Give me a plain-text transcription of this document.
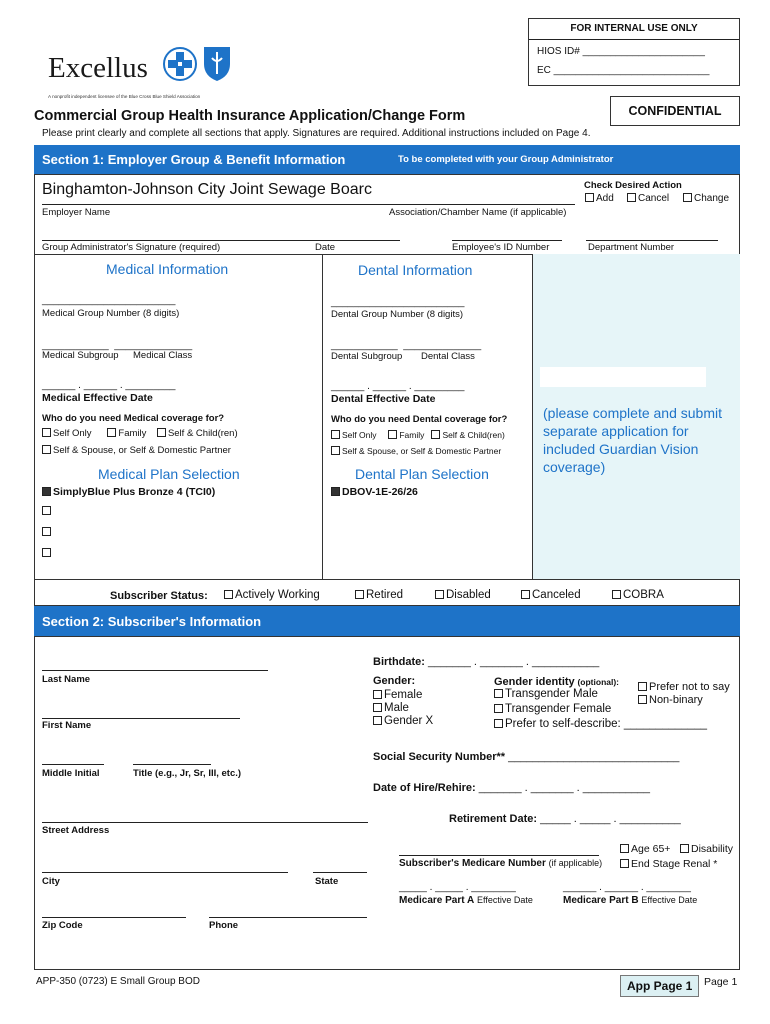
FOR INTERNAL USE ONLY
HIOS ID# ______________________
EC ____________________________
Excellus
A nonprofit independent licensee of the Blue Cross Blue Shield Association
Commercial Group Health Insurance Application/Change Form	CONFIDENTIAL
Please print clearly and complete all sections that apply. Signatures are required. Additional instructions included on Page 4.
Section 1: Employer Group & Benefit Information	To be completed with your Group Administrator
Binghamton-Johnson City Joint Sewage Boarc
Employer Name	Association/Chamber Name (if applicable)
Check Desired Action
Add	Cancel	Change
Group Administrator's Signature (required)	Date	Employee's ID Number	Department Number
(please complete and submit separate application for included Guardian Vision coverage)
Medical Information
________________________
Medical Group Number (8 digits)
____________  ______________
Medical Subgroup Medical Class
______ . ______ . _________
Medical Effective Date
Who do you need Medical coverage for?
Self Only	Family Self & Child(ren)
Self & Spouse, or Self & Domestic Partner
Medical Plan Selection
SimplyBlue Plus Bronze 4 (TCI0)
Dental Information
________________________
Dental Group Number (8 digits)
____________  ______________
Dental Subgroup Dental Class
______ . ______ . _________
Dental Effective Date
Who do you need Dental coverage for?
Self Only	Family Self & Child(ren)
Self & Spouse, or Self & Domestic Partner
Dental Plan Selection
DBOV-1E-26/26
Subscriber Status:	Actively Working	Retired	Disabled	Canceled	COBRA
Section 2: Subscriber's Information
Last Name
First Name
Middle Initial	Title (e.g., Jr, Sr, III, etc.)
Street Address
City	State
Zip Code	Phone
Birthdate: _______ . _______ . ___________
Gender:
Female
Male
Gender X
Gender identity (optional):
Transgender Male
Transgender Female
Prefer to self-describe: _____________
Prefer not to say
Non-binary
Social Security Number** ____________________________
Date of Hire/Rehire: _______ . _______ . ___________
Retirement Date: _____ . _____ . __________
Age 65+	Disability
Subscriber's Medicare Number (if applicable)	End Stage Renal *
_____ . _____ . ________	______ . ______ . ________
Medicare Part A Effective Date	Medicare Part B Effective Date
APP-350 (0723) E Small Group BOD	App Page 1	Page 1
